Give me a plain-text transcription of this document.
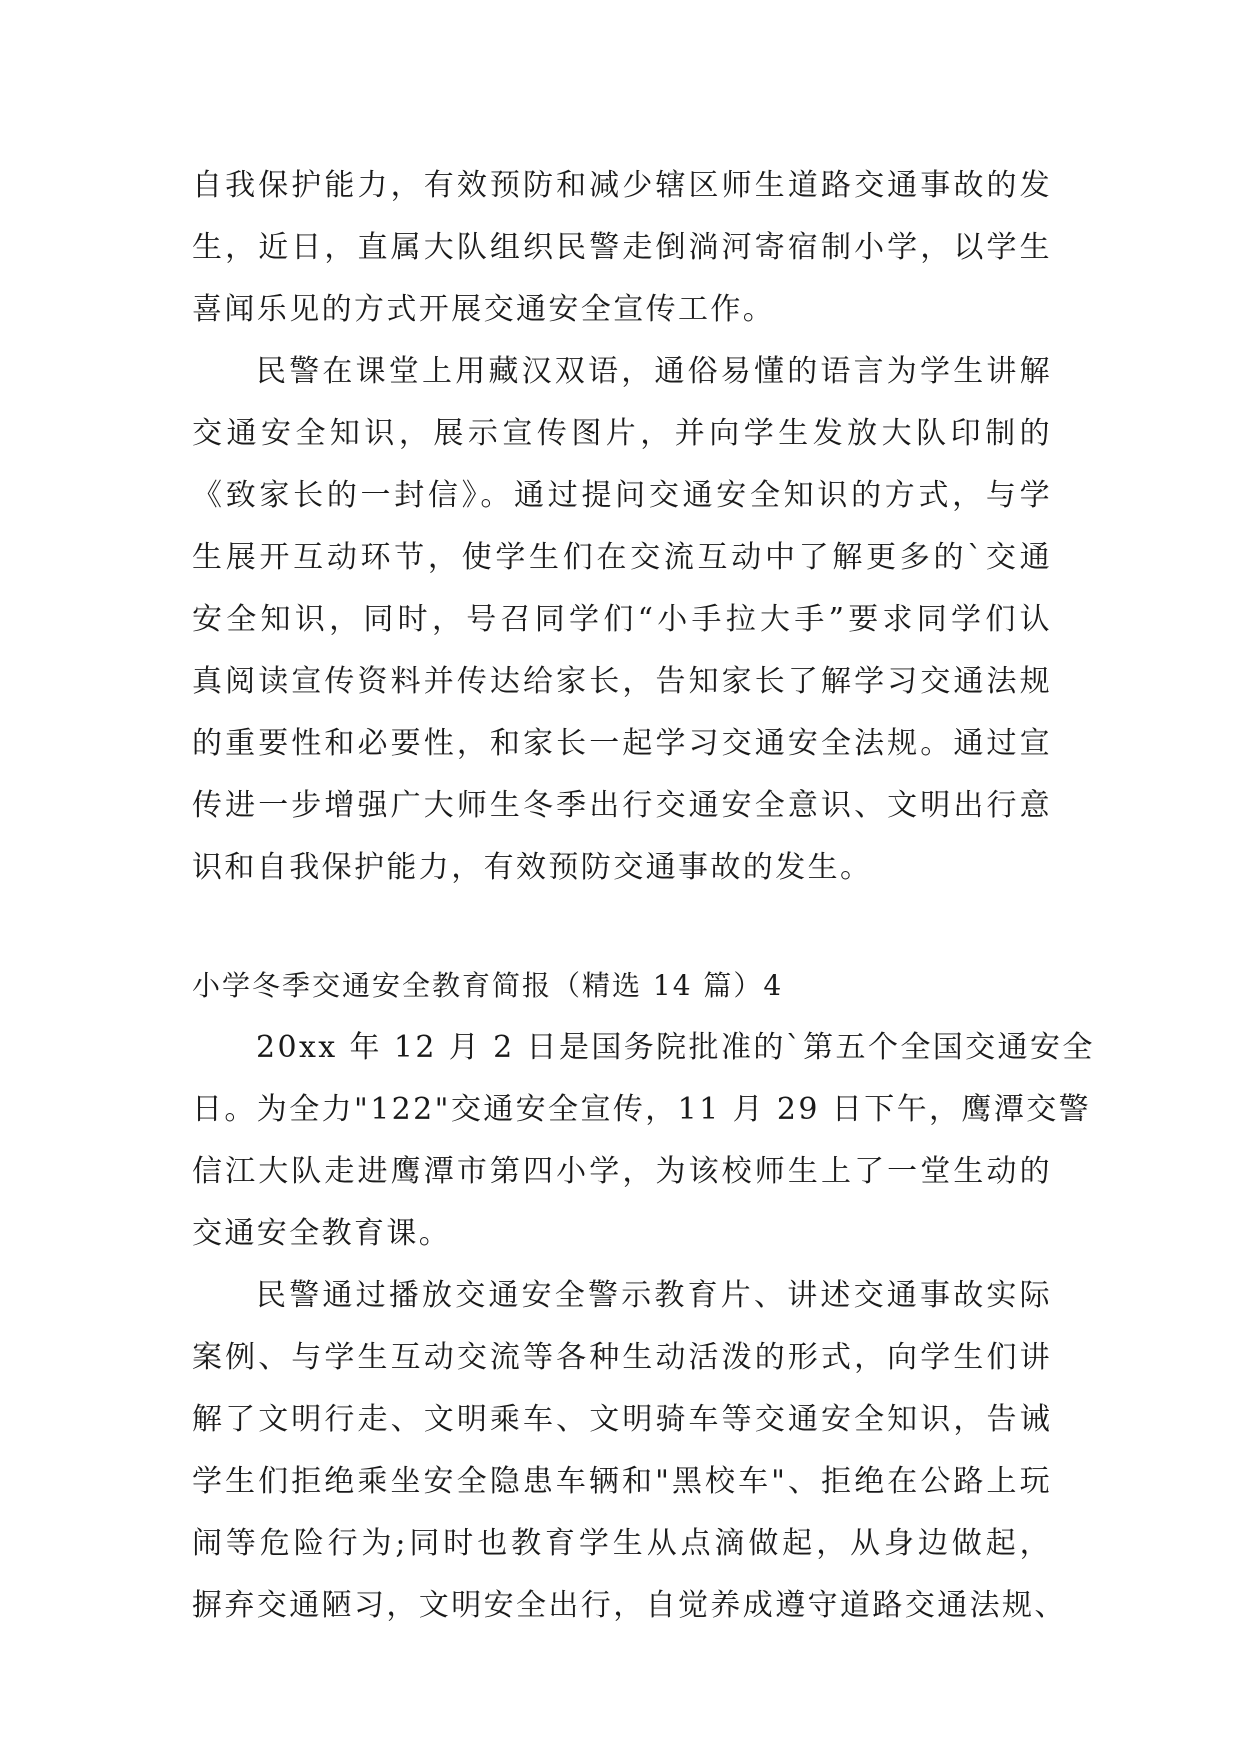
自我保护能力，有效预防和减少辖区师生道路交通事故的发
生，近日，直属大队组织民警走倒淌河寄宿制小学，以学生
喜闻乐见的方式开展交通安全宣传工作。
民警在课堂上用藏汉双语，通俗易懂的语言为学生讲解
交通安全知识，展示宣传图片，并向学生发放大队印制的
《致家长的一封信》。通过提问交通安全知识的方式，与学
生展开互动环节，使学生们在交流互动中了解更多的`交通
安全知识，同时，号召同学们“小手拉大手”要求同学们认
真阅读宣传资料并传达给家长，告知家长了解学习交通法规
的重要性和必要性，和家长一起学习交通安全法规。通过宣
传进一步增强广大师生冬季出行交通安全意识、文明出行意
识和自我保护能力，有效预防交通事故的发生。
小学冬季交通安全教育简报（精选 14 篇）4
20xx 年 12 月 2 日是国务院批准的`第五个全国交通安全
日。为全力"122"交通安全宣传，11 月 29 日下午，鹰潭交警
信江大队走进鹰潭市第四小学，为该校师生上了一堂生动的
交通安全教育课。
民警通过播放交通安全警示教育片、讲述交通事故实际
案例、与学生互动交流等各种生动活泼的形式，向学生们讲
解了文明行走、文明乘车、文明骑车等交通安全知识，告诫
学生们拒绝乘坐安全隐患车辆和"黑校车"、拒绝在公路上玩
闹等危险行为;同时也教育学生从点滴做起，从身边做起，
摒弃交通陋习，文明安全出行，自觉养成遵守道路交通法规、
